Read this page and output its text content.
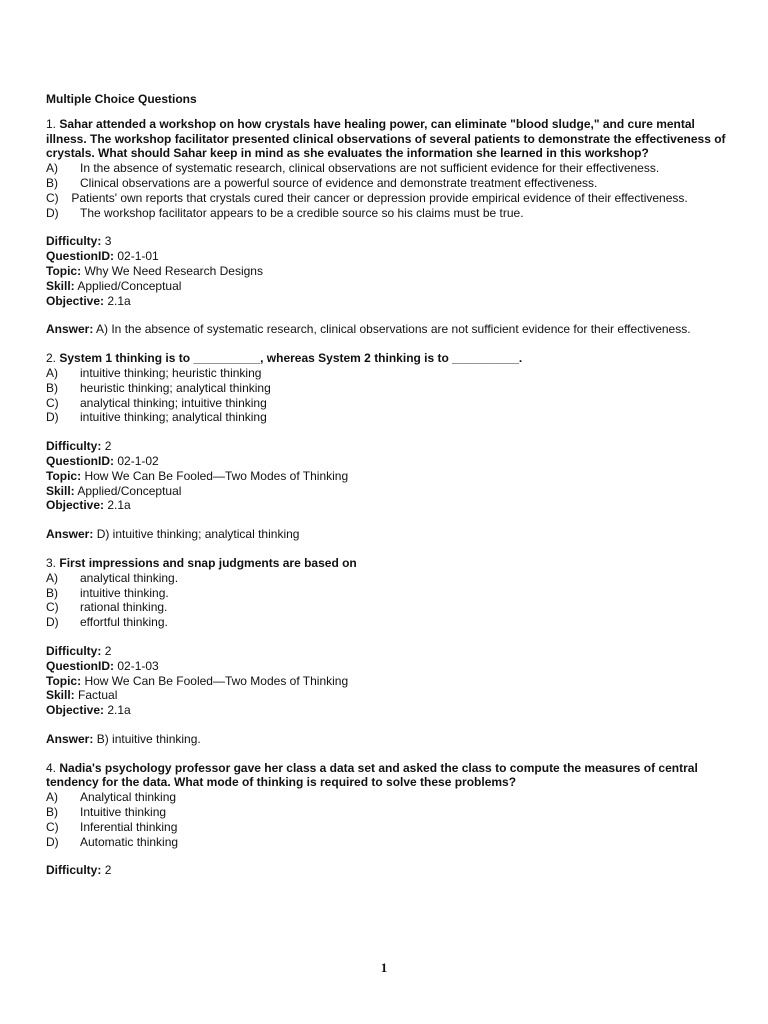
Multiple Choice Questions
1. Sahar attended a workshop on how crystals have healing power, can eliminate "blood sludge," and cure mental illness. The workshop facilitator presented clinical observations of several patients to demonstrate the effectiveness of crystals. What should Sahar keep in mind as she evaluates the information she learned in this workshop?
A)	In the absence of systematic research, clinical observations are not sufficient evidence for their effectiveness.
B)	Clinical observations are a powerful source of evidence and demonstrate treatment effectiveness.
C) Patients' own reports that crystals cured their cancer or depression provide empirical evidence of their effectiveness.
D)	The workshop facilitator appears to be a credible source so his claims must be true.
Difficulty: 3
QuestionID: 02-1-01
Topic: Why We Need Research Designs
Skill: Applied/Conceptual
Objective: 2.1a
Answer: A) In the absence of systematic research, clinical observations are not sufficient evidence for their effectiveness.
2. System 1 thinking is to __________, whereas System 2 thinking is to __________.
A)	intuitive thinking; heuristic thinking
B)	heuristic thinking; analytical thinking
C)	analytical thinking; intuitive thinking
D)	intuitive thinking; analytical thinking
Difficulty: 2
QuestionID: 02-1-02
Topic: How We Can Be Fooled—Two Modes of Thinking
Skill: Applied/Conceptual
Objective: 2.1a
Answer: D) intuitive thinking; analytical thinking
3. First impressions and snap judgments are based on
A)	analytical thinking.
B)	intuitive thinking.
C)	rational thinking.
D)	effortful thinking.
Difficulty: 2
QuestionID: 02-1-03
Topic: How We Can Be Fooled—Two Modes of Thinking
Skill: Factual
Objective: 2.1a
Answer: B) intuitive thinking.
4. Nadia's psychology professor gave her class a data set and asked the class to compute the measures of central tendency for the data. What mode of thinking is required to solve these problems?
A)	Analytical thinking
B)	Intuitive thinking
C)	Inferential thinking
D)	Automatic thinking
Difficulty: 2
1
